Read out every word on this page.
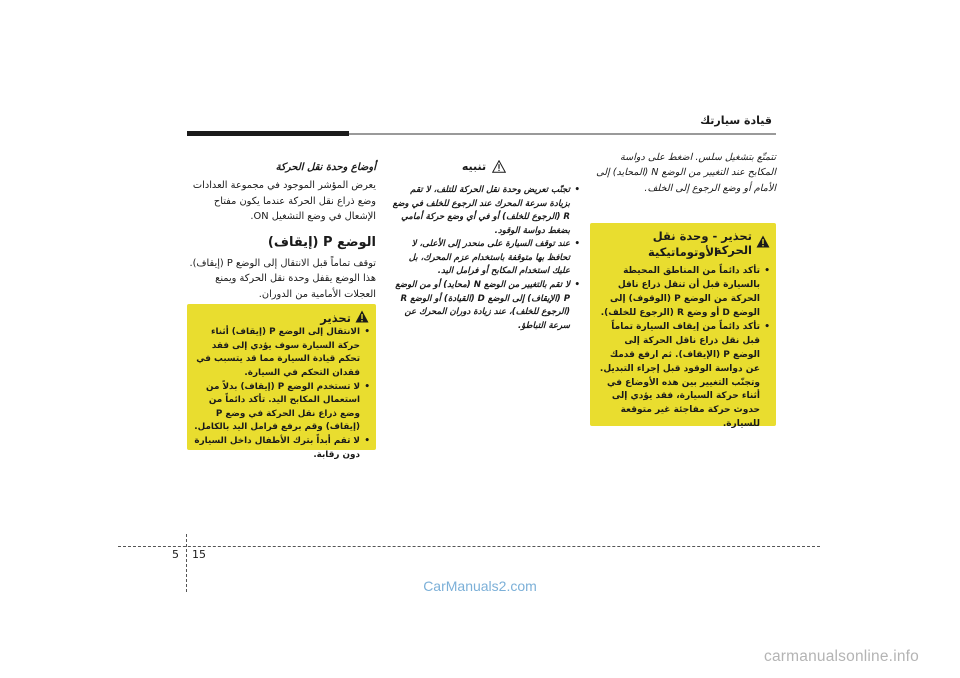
قيادة سيارتك

تتمتّع بتشغيل سلس. اضغط على دواسة المكابح عند التغيير من الوضع N (المحايد) إلى الأمام أو وضع الرجوع إلى الخلف.

تحذير - وحدة نقل الحركة
الأوتوماتيكية
• تأكد دائماً من المناطق المحيطة بالسيارة قبل أن تنقل ذراع ناقل الحركة من الوضع P (الوقوف) إلى الوضع D أو وضع R (الرجوع للخلف).
• تأكد دائماً من إيقاف السيارة تماماً قبل نقل ذراع ناقل الحركة إلى الوضع P (الإيقاف). ثم ارفع قدمك عن دواسة الوقود قبل إجراء التبديل. وتجنّب التغيير بين هذه الأوضاع في أثناء حركة السيارة، فقد يؤدي إلى حدوث حركة مفاجئة غير متوقعة للسيارة.
تنبيه
• تجنّب تعريض وحدة نقل الحركة للتلف، لا تقم بزيادة سرعة المحرك عند الرجوع للخلف في وضع R (الرجوع للخلف) أو في أي وضع حركة أمامي بضغط دواسة الوقود.
• عند توقف السيارة على منحدر إلى الأعلى، لا تحافظ بها متوقفة باستخدام عزم المحرك، بل عليك استخدام المكابح أو فرامل اليد.
• لا تقم بالتغيير من الوضع N (محايد) أو من الوضع P (الإيقاف) إلى الوضع D (القيادة) أو الوضع R (الرجوع للخلف)، عند زيادة دوران المحرك عن سرعة التباطؤ.

أوضاع وحدة نقل الحركة

يعرض المؤشر الموجود في مجموعة العدادات وضع ذراع نقل الحركة عندما يكون مفتاح الإشعال في وضع التشغيل ON.

الوضع P (إيقاف)

توقف تماماً قبل الانتقال إلى الوضع P (إيقاف). هذا الوضع يقفل وحدة نقل الحركة ويمنع العجلات الأمامية من الدوران.

تحذير
• الانتقال إلى الوضع P (إيقاف) أثناء حركة السيارة سوف يؤدي إلى فقد تحكم قيادة السيارة مما قد يتسبب في فقدان التحكم في السيارة.
• لا تستخدم الوضع P (إيقاف) بدلاً من استعمال المكابح اليد. تأكد دائماً من وضع ذراع نقل الحركة في وضع P (إيقاف) وقم برفع فرامل اليد بالكامل.
• لا تقم أبداً بترك الأطفال داخل السيارة دون رقابة.
5 15
CarManuals2.com
carmanualsonline.info
